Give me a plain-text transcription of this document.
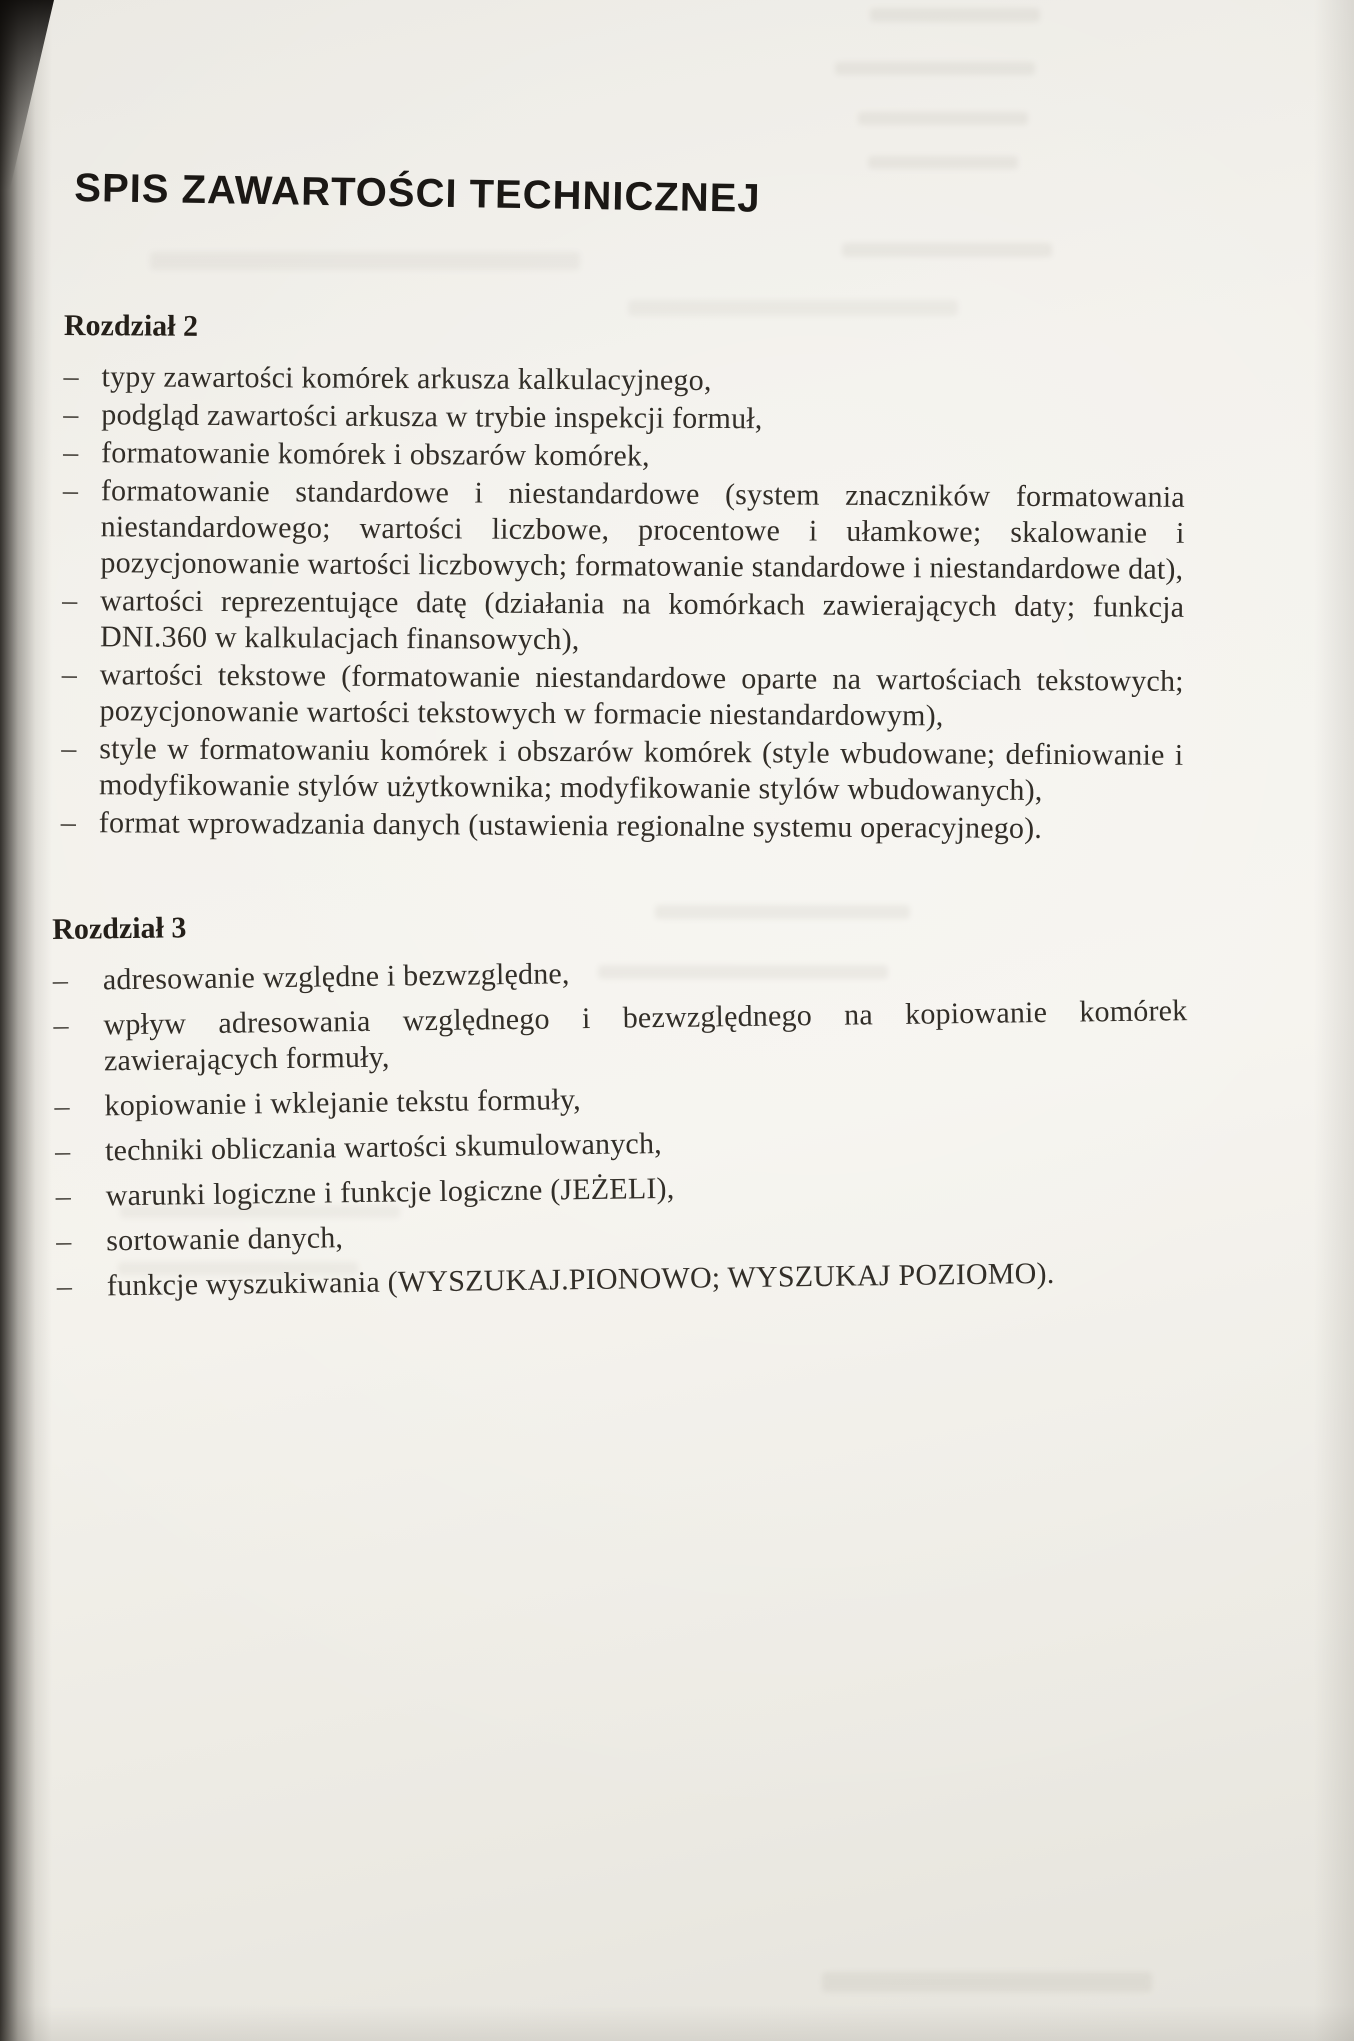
SPIS ZAWARTOŚCI TECHNICZNEJ
Rozdział 2
– typy zawartości komórek arkusza kalkulacyjnego,
– podgląd zawartości arkusza w trybie inspekcji formuł,
– formatowanie komórek i obszarów komórek,
– formatowanie standardowe i niestandardowe (system znaczników formatowania niestandardowego; wartości liczbowe, procentowe i ułamkowe; skalowanie i pozycjonowanie wartości liczbowych; formatowanie standardowe i niestandardowe dat),
– wartości reprezentujące datę (działania na komórkach zawierających daty; funkcja DNI.360 w kalkulacjach finansowych),
– wartości tekstowe (formatowanie niestandardowe oparte na wartościach tekstowych; pozycjonowanie wartości tekstowych w formacie niestandardowym),
– style w formatowaniu komórek i obszarów komórek (style wbudowane; definiowanie i modyfikowanie stylów użytkownika; modyfikowanie stylów wbudowanych),
– format wprowadzania danych (ustawienia regionalne systemu operacyjnego).
Rozdział 3
– adresowanie względne i bezwzględne,
– wpływ adresowania względnego i bezwzględnego na kopiowanie komórek zawierających formuły,
– kopiowanie i wklejanie tekstu formuły,
– techniki obliczania wartości skumulowanych,
– warunki logiczne i funkcje logiczne (JEŻELI),
– sortowanie danych,
– funkcje wyszukiwania (WYSZUKAJ.PIONOWO; WYSZUKAJ POZIOMO).
